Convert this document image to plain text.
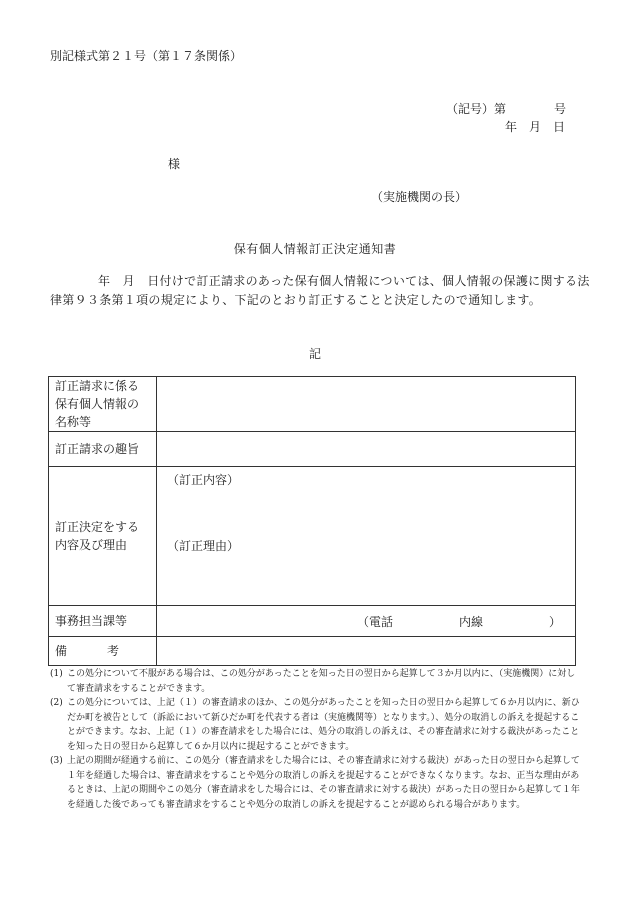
別記様式第２１号（第１７条関係）
（記号）第	号
年　月　日
様
（実施機関の長）
保有個人情報訂正決定通知書
年　月　日付けで訂正請求のあった保有個人情報については、個人情報の保護に関する法律第９３条第１項の規定により、下記のとおり訂正することと決定したので通知します。
記
訂正請求に係る保有個人情報の名称等	
訂正請求の趣旨	
訂正決定をする内容及び理由	（訂正内容）
（訂正理由）

事務担当課等	（電話 内線 ）

備　考	
(1) この処分について不服がある場合は、この処分があったことを知った日の翌日から起算して３か月以内に、（実施機関）に対して審査請求をすることができます。
(2) この処分については、上記（１）の審査請求のほか、この処分があったことを知った日の翌日から起算して６か月以内に、新ひだか町を被告として（訴訟において新ひだか町を代表する者は（実施機関等）となります。）、処分の取消しの訴えを提起することができます。なお、上記（１）の審査請求をした場合には、処分の取消しの訴えは、その審査請求に対する裁決があったことを知った日の翌日から起算して６か月以内に提起することができます。
(3) 上記の期間が経過する前に、この処分（審査請求をした場合には、その審査請求に対する裁決）があった日の翌日から起算して１年を経過した場合は、審査請求をすることや処分の取消しの訴えを提起することができなくなります。なお、正当な理由があるときは、上記の期間やこの処分（審査請求をした場合には、その審査請求に対する裁決）があった日の翌日から起算して１年を経過した後であっても審査請求をすることや処分の取消しの訴えを提起することが認められる場合があります。
